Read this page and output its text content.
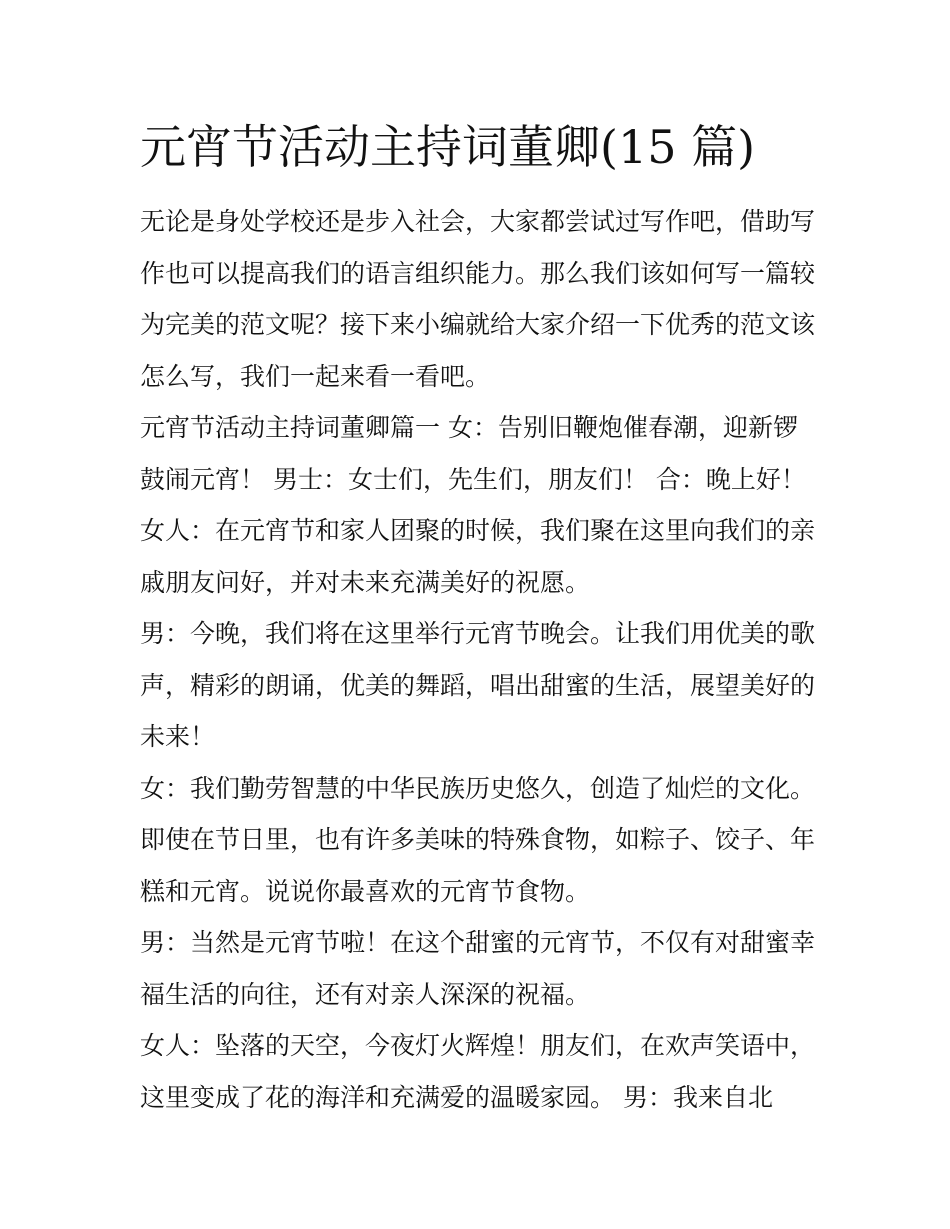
元宵节活动主持词董卿(15 篇)
无论是身处学校还是步入社会，大家都尝试过写作吧，借助写
作也可以提高我们的语言组织能力。那么我们该如何写一篇较
为完美的范文呢？接下来小编就给大家介绍一下优秀的范文该
怎么写，我们一起来看一看吧。
元宵节活动主持词董卿篇一 女：告别旧鞭炮催春潮，迎新锣
鼓闹元宵！ 男士：女士们，先生们，朋友们！ 合：晚上好！
女人：在元宵节和家人团聚的时候，我们聚在这里向我们的亲
戚朋友问好，并对未来充满美好的祝愿。
男：今晚，我们将在这里举行元宵节晚会。让我们用优美的歌
声，精彩的朗诵，优美的舞蹈，唱出甜蜜的生活，展望美好的
未来！
女：我们勤劳智慧的中华民族历史悠久，创造了灿烂的文化。
即使在节日里，也有许多美味的特殊食物，如粽子、饺子、年
糕和元宵。说说你最喜欢的元宵节食物。
男：当然是元宵节啦！在这个甜蜜的元宵节，不仅有对甜蜜幸
福生活的向往，还有对亲人深深的祝福。
女人：坠落的天空，今夜灯火辉煌！朋友们，在欢声笑语中，
这里变成了花的海洋和充满爱的温暖家园。 男：我来自北
